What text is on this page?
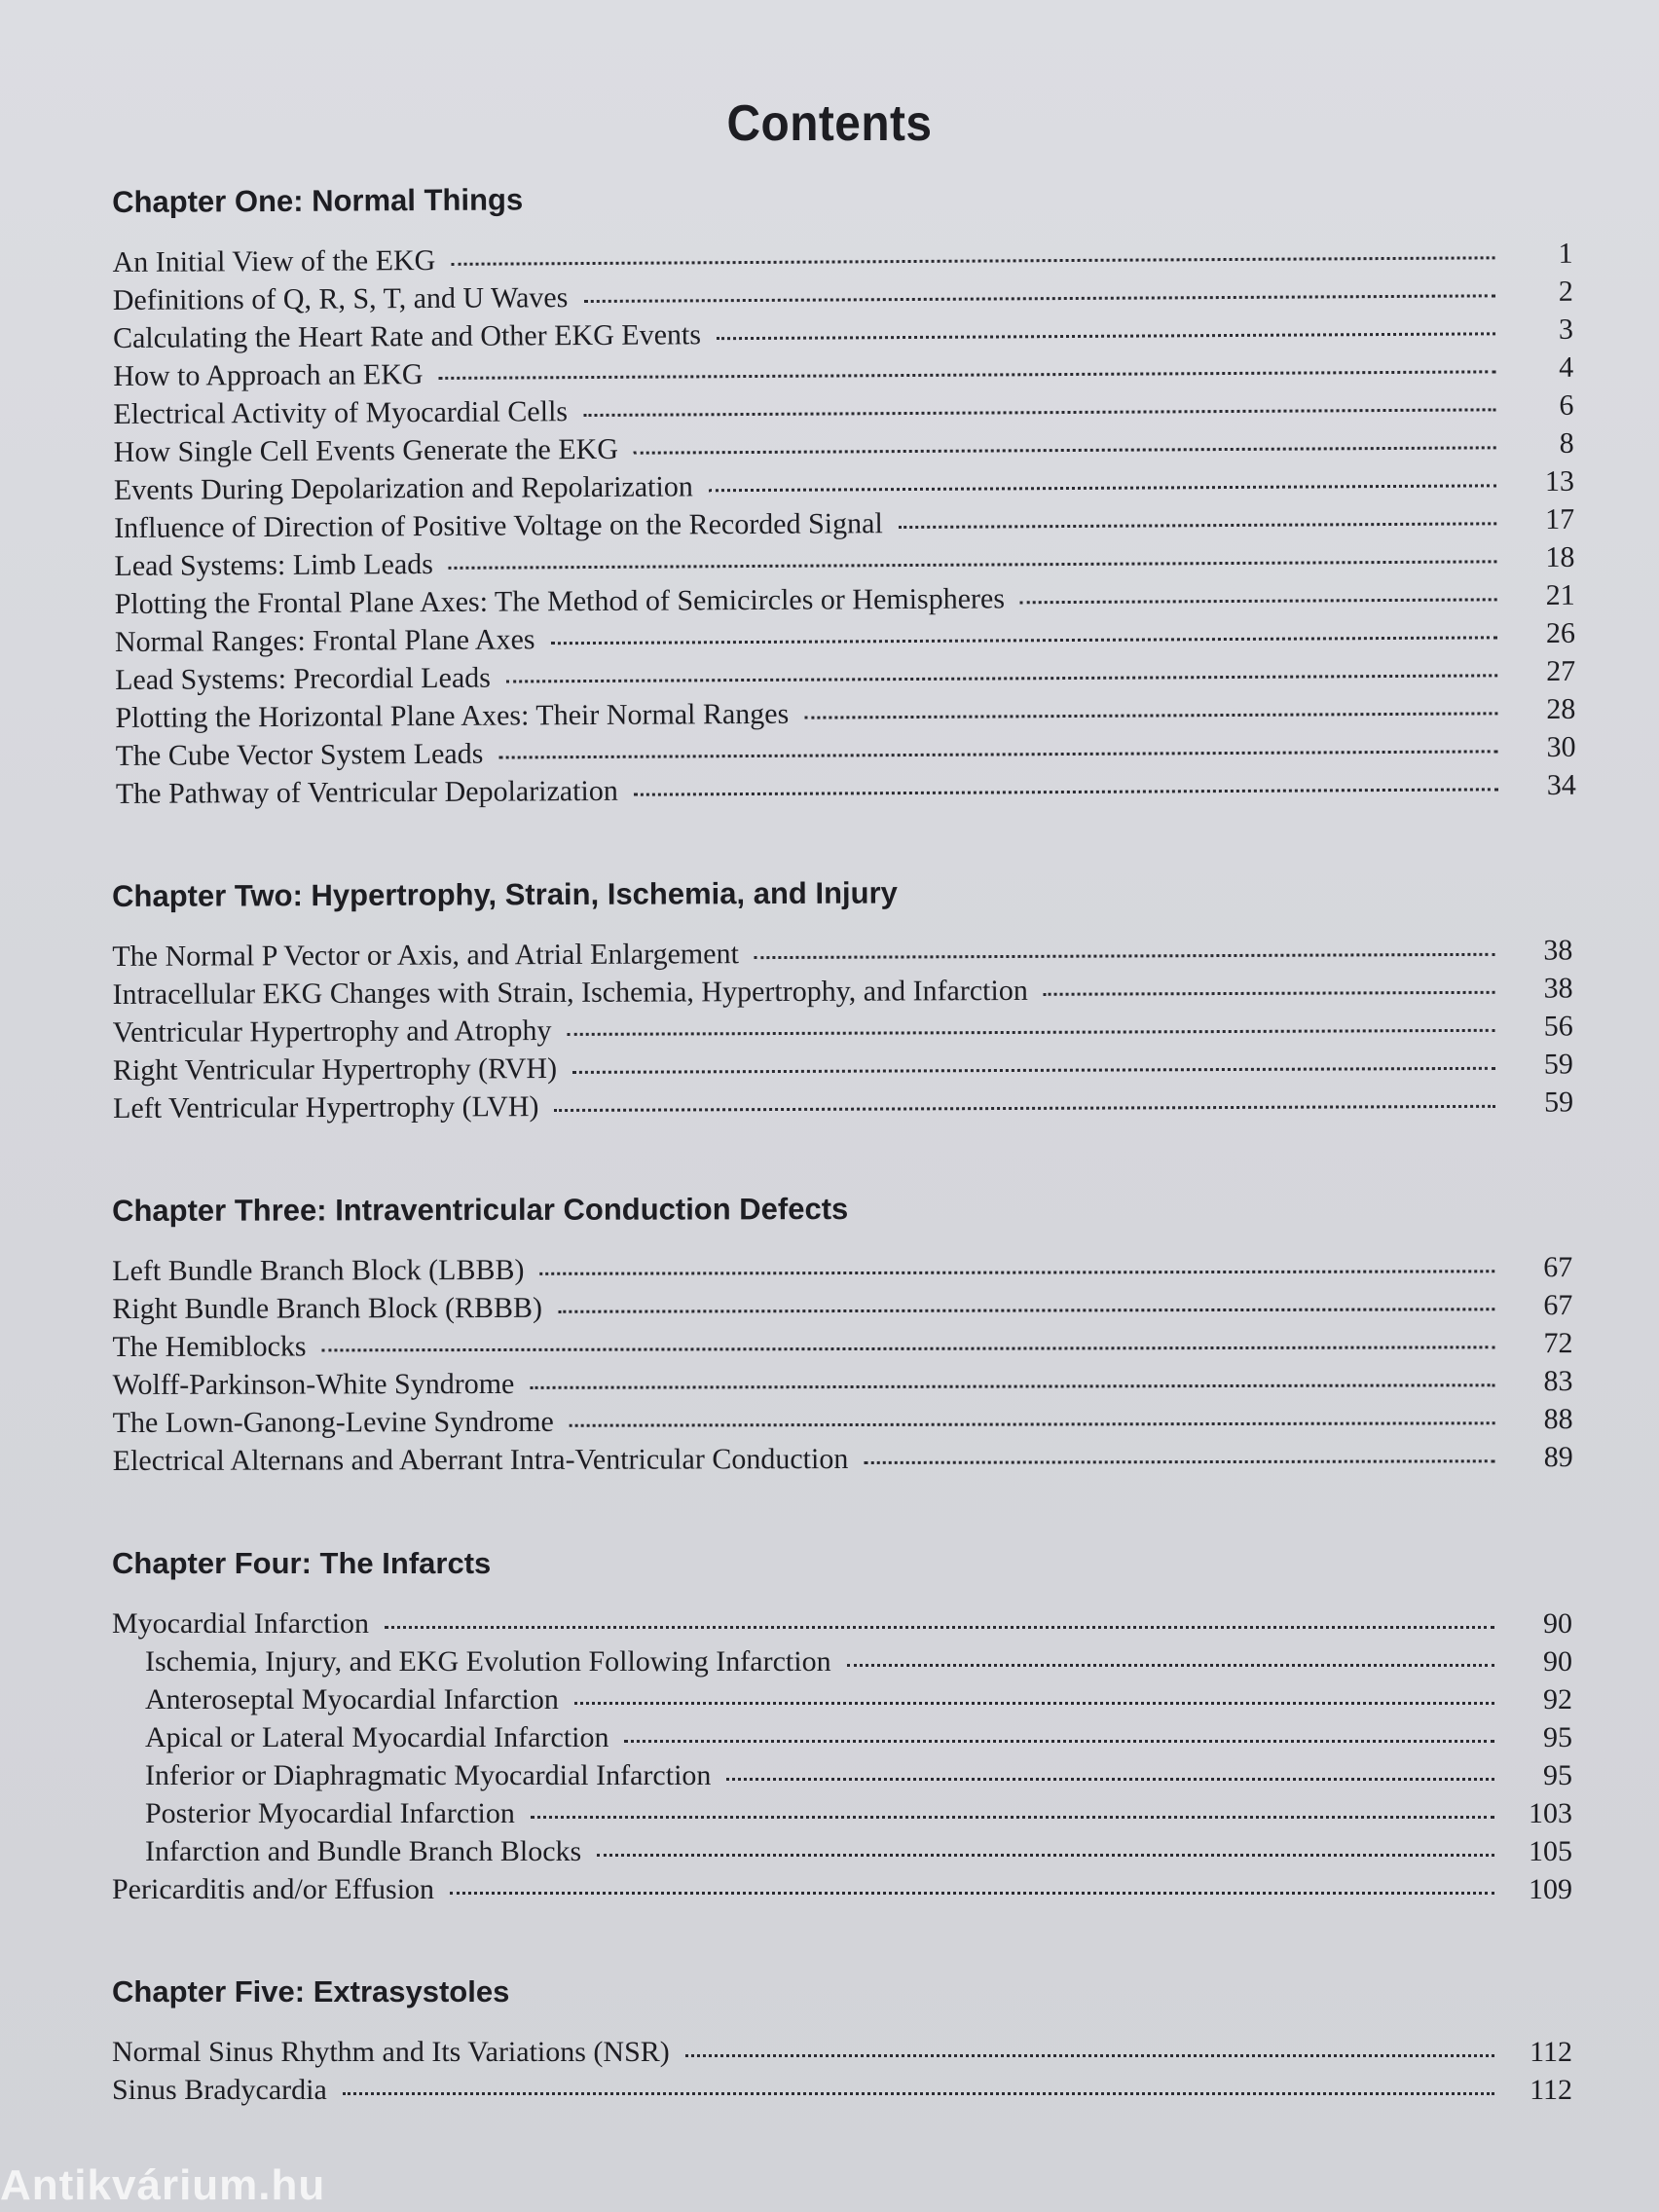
Contents
Chapter One: Normal Things
An Initial View of the EKG	1
Definitions of Q, R, S, T, and U Waves	2
Calculating the Heart Rate and Other EKG Events	3
How to Approach an EKG	4
Electrical Activity of Myocardial Cells	6
How Single Cell Events Generate the EKG	8
Events During Depolarization and Repolarization	13
Influence of Direction of Positive Voltage on the Recorded Signal	17
Lead Systems: Limb Leads	18
Plotting the Frontal Plane Axes: The Method of Semicircles or Hemispheres	21
Normal Ranges: Frontal Plane Axes	26
Lead Systems: Precordial Leads	27
Plotting the Horizontal Plane Axes: Their Normal Ranges	28
The Cube Vector System Leads	30
The Pathway of Ventricular Depolarization	34
Chapter Two: Hypertrophy, Strain, Ischemia, and Injury
The Normal P Vector or Axis, and Atrial Enlargement	38
Intracellular EKG Changes with Strain, Ischemia, Hypertrophy, and Infarction	38
Ventricular Hypertrophy and Atrophy	56
Right Ventricular Hypertrophy (RVH)	59
Left Ventricular Hypertrophy (LVH)	59
Chapter Three: Intraventricular Conduction Defects
Left Bundle Branch Block (LBBB)	67
Right Bundle Branch Block (RBBB)	67
The Hemiblocks	72
Wolff-Parkinson-White Syndrome	83
The Lown-Ganong-Levine Syndrome	88
Electrical Alternans and Aberrant Intra-Ventricular Conduction	89
Chapter Four: The Infarcts
Myocardial Infarction	90
Ischemia, Injury, and EKG Evolution Following Infarction	90
Anteroseptal Myocardial Infarction	92
Apical or Lateral Myocardial Infarction	95
Inferior or Diaphragmatic Myocardial Infarction	95
Posterior Myocardial Infarction	103
Infarction and Bundle Branch Blocks	105
Pericarditis and/or Effusion	109
Chapter Five: Extrasystoles
Normal Sinus Rhythm and Its Variations (NSR)	112
Sinus Bradycardia	112
Antikvárium.hu
